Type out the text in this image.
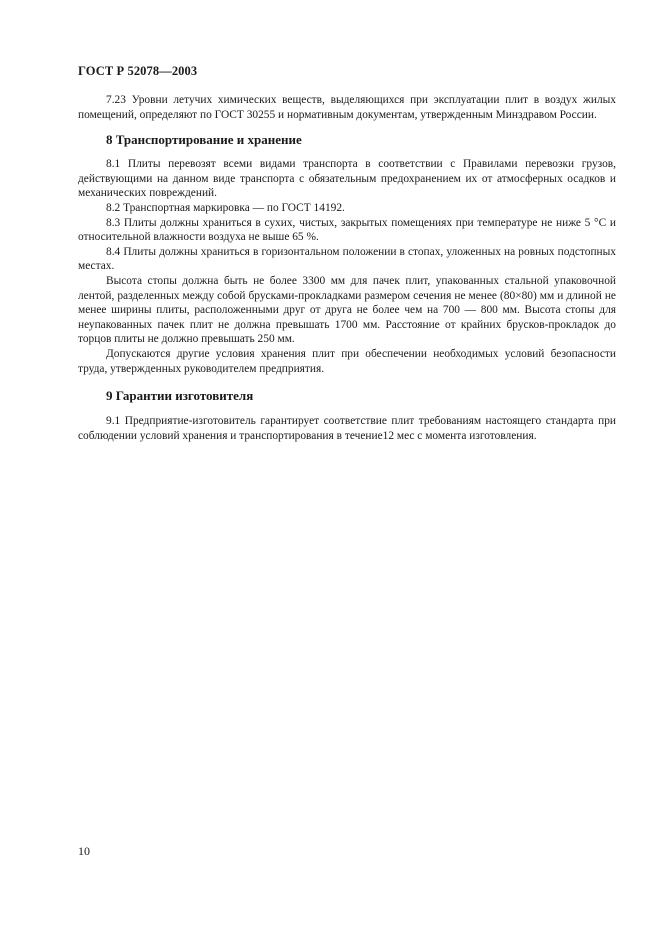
ГОСТ Р 52078—2003

7.23 Уровни летучих химических веществ, выделяющихся при эксплуатации плит в воздух жилых помещений, определяют по ГОСТ 30255 и нормативным документам, утвержденным Минздравом России.

8 Транспортирование и хранение

8.1 Плиты перевозят всеми видами транспорта в соответствии с Правилами перевозки грузов, действующими на данном виде транспорта с обязательным предохранением их от атмосферных осадков и механических повреждений.

8.2 Транспортная маркировка — по ГОСТ 14192.

8.3 Плиты должны храниться в сухих, чистых, закрытых помещениях при температуре не ниже 5 °С и относительной влажности воздуха не выше 65 %.

8.4 Плиты должны храниться в горизонтальном положении в стопах, уложенных на ровных подстопных местах.

Высота стопы должна быть не более 3300 мм для пачек плит, упакованных стальной упаковочной лентой, разделенных между собой брусками-прокладками размером сечения не менее (80×80) мм и длиной не менее ширины плиты, расположенными друг от друга не более чем на 700 — 800 мм. Высота стопы для неупакованных пачек плит не должна превышать 1700 мм. Расстояние от крайних брусков-прокладок до торцов плиты не должно превышать 250 мм.

Допускаются другие условия хранения плит при обеспечении необходимых условий безопасности труда, утвержденных руководителем предприятия.

9 Гарантии изготовителя

9.1 Предприятие-изготовитель гарантирует соответствие плит требованиям настоящего стандарта при соблюдении условий хранения и транспортирования в течение12 мес с момента изготовления.

10
